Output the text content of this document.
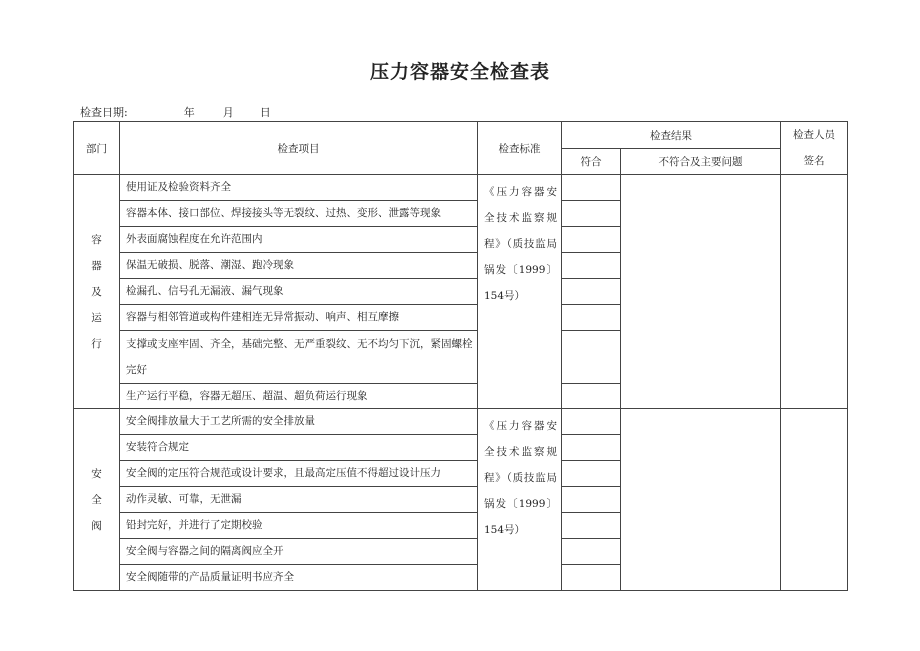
压力容器安全检查表
检查日期:	年	月 日
部门	检查项目	检查标准	检查结果		检查人员签名
			符合	不符合及主要问题	

容
器
及
运
行	使用证及检验资料齐全	《压力容器安全技术监察规程》（质技监局锅发〔1999〕154号）			
	容器本体、接口部位、焊接接头等无裂纹、过热、变形、泄露等现象				
	外表面腐蚀程度在允许范围内				
	保温无破损、脱落、潮湿、跑冷现象				
	检漏孔、信号孔无漏液、漏气现象				
	容器与相邻管道或构件建相连无异常振动、响声、相互摩擦				
	支撑或支座牢固、齐全，基础完整、无严重裂纹、无不均匀下沉，紧固螺栓完好				
	生产运行平稳，容器无超压、超温、超负荷运行现象				

安
全
阀	安全阀排放量大于工艺所需的安全排放量	《压力容器安全技术监察规程》（质技监局锅发〔1999〕154号）			
	安装符合规定				
	安全阀的定压符合规范或设计要求，且最高定压值不得超过设计压力				
	动作灵敏、可靠，无泄漏				
	铅封完好，并进行了定期校验				
	安全阀与容器之间的隔离阀应全开				
	安全阀随带的产品质量证明书应齐全				
